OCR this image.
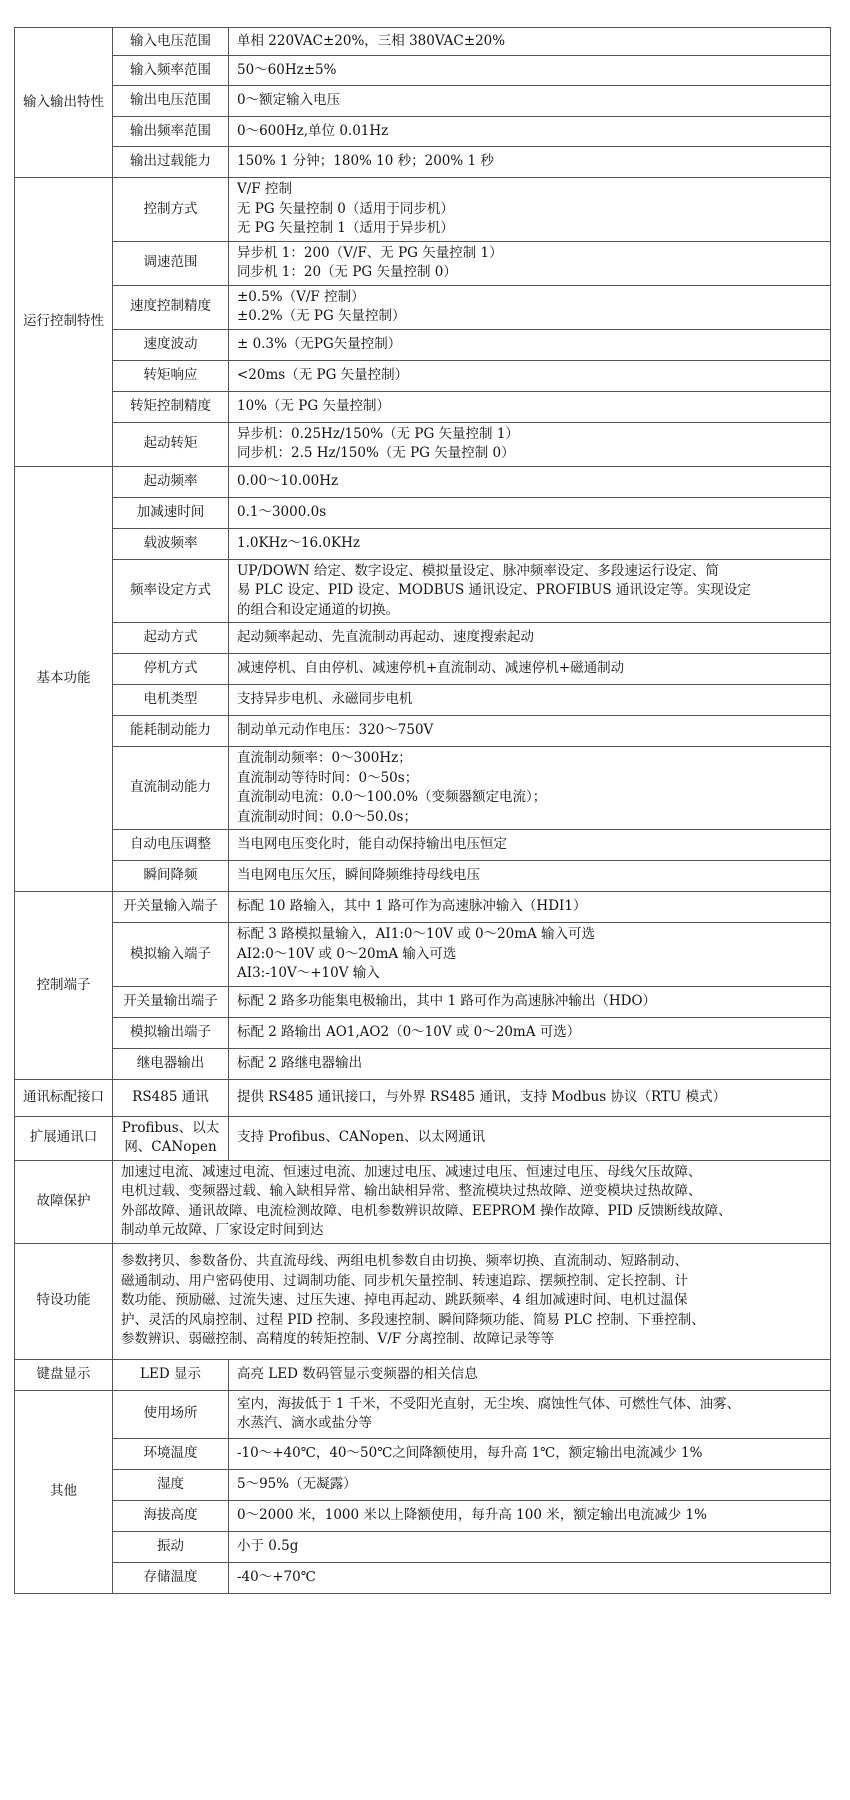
输入输出特性	输入电压范围	单相 220VAC±20%，三相 380VAC±20%

	输入频率范围	50～60Hz±5%

	输出电压范围	0～额定输入电压

	输出频率范围	0～600Hz,单位 0.01Hz

	输出过载能力	150% 1 分钟；180% 10 秒；200% 1 秒

运行控制特性	控制方式	V/F 控制
无 PG 矢量控制 0（适用于同步机）
无 PG 矢量控制 1（适用于异步机）

	调速范围	异步机 1：200（V/F、无 PG 矢量控制 1）
同步机 1：20（无 PG 矢量控制 0）

	速度控制精度	±0.5%（V/F 控制）
±0.2%（无 PG 矢量控制）

	速度波动	± 0.3%（无PG矢量控制）

	转矩响应	<20ms（无 PG 矢量控制）

	转矩控制精度	10%（无 PG 矢量控制）

	起动转矩	异步机：0.25Hz/150%（无 PG 矢量控制 1）
同步机：2.5 Hz/150%（无 PG 矢量控制 0）

基本功能	起动频率	0.00～10.00Hz

	加减速时间	0.1～3000.0s

	载波频率	1.0KHz～16.0KHz

	频率设定方式	UP/DOWN 给定、数字设定、模拟量设定、脉冲频率设定、多段速运行设定、简
易 PLC 设定、PID 设定、MODBUS 通讯设定、PROFIBUS 通讯设定等。实现设定
的组合和设定通道的切换。

	起动方式	起动频率起动、先直流制动再起动、速度搜索起动

	停机方式	减速停机、自由停机、减速停机+直流制动、减速停机+磁通制动

	电机类型	支持异步电机、永磁同步电机

	能耗制动能力	制动单元动作电压：320～750V

	直流制动能力	直流制动频率：0～300Hz；
直流制动等待时间：0～50s；
直流制动电流：0.0～100.0%（变频器额定电流）；
直流制动时间：0.0～50.0s；

	自动电压调整	当电网电压变化时，能自动保持输出电压恒定

	瞬间降频	当电网电压欠压，瞬间降频维持母线电压

控制端子	开关量输入端子	标配 10 路输入，其中 1 路可作为高速脉冲输入（HDI1）

	模拟输入端子	标配 3 路模拟量输入，AI1:0～10V 或 0～20mA 输入可选
AI2:0～10V 或 0～20mA 输入可选
AI3:-10V～+10V 输入

	开关量输出端子	标配 2 路多功能集电极输出，其中 1 路可作为高速脉冲输出（HDO）

	模拟输出端子	标配 2 路输出 AO1,AO2（0～10V 或 0～20mA 可选）

	继电器输出	标配 2 路继电器输出

通讯标配接口	RS485 通讯	提供 RS485 通讯接口，与外界 RS485 通讯，支持 Modbus 协议（RTU 模式）

扩展通讯口	Profibus、以太
网、CANopen	支持 Profibus、CANopen、以太网通讯

故障保护	加速过电流、减速过电流、恒速过电流、加速过电压、减速过电压、恒速过电压、母线欠压故障、
电机过载、变频器过载、输入缺相异常、输出缺相异常、整流模块过热故障、逆变模块过热故障、
外部故障、通讯故障、电流检测故障、电机参数辨识故障、EEPROM 操作故障、PID 反馈断线故障、
制动单元故障、厂家设定时间到达	

特设功能	参数拷贝、参数备份、共直流母线、两组电机参数自由切换、频率切换、直流制动、短路制动、
磁通制动、用户密码使用、过调制功能、同步机矢量控制、转速追踪、摆频控制、定长控制、计
数功能、预励磁、过流失速、过压失速、掉电再起动、跳跃频率、4 组加减速时间、电机过温保
护、灵活的风扇控制、过程 PID 控制、多段速控制、瞬间降频功能、简易 PLC 控制、下垂控制、
参数辨识、弱磁控制、高精度的转矩控制、V/F 分离控制、故障记录等等	

键盘显示	LED 显示	高亮 LED 数码管显示变频器的相关信息

其他	使用场所	室内，海拔低于 1 千米，不受阳光直射，无尘埃、腐蚀性气体、可燃性气体、油雾、
水蒸汽、滴水或盐分等

	环境温度	-10～+40℃，40～50℃之间降额使用，每升高 1℃，额定输出电流减少 1%

	湿度	5～95%（无凝露）

	海拔高度	0～2000 米，1000 米以上降额使用，每升高 100 米，额定输出电流减少 1%

	振动	小于 0.5g

	存储温度	-40～+70℃
